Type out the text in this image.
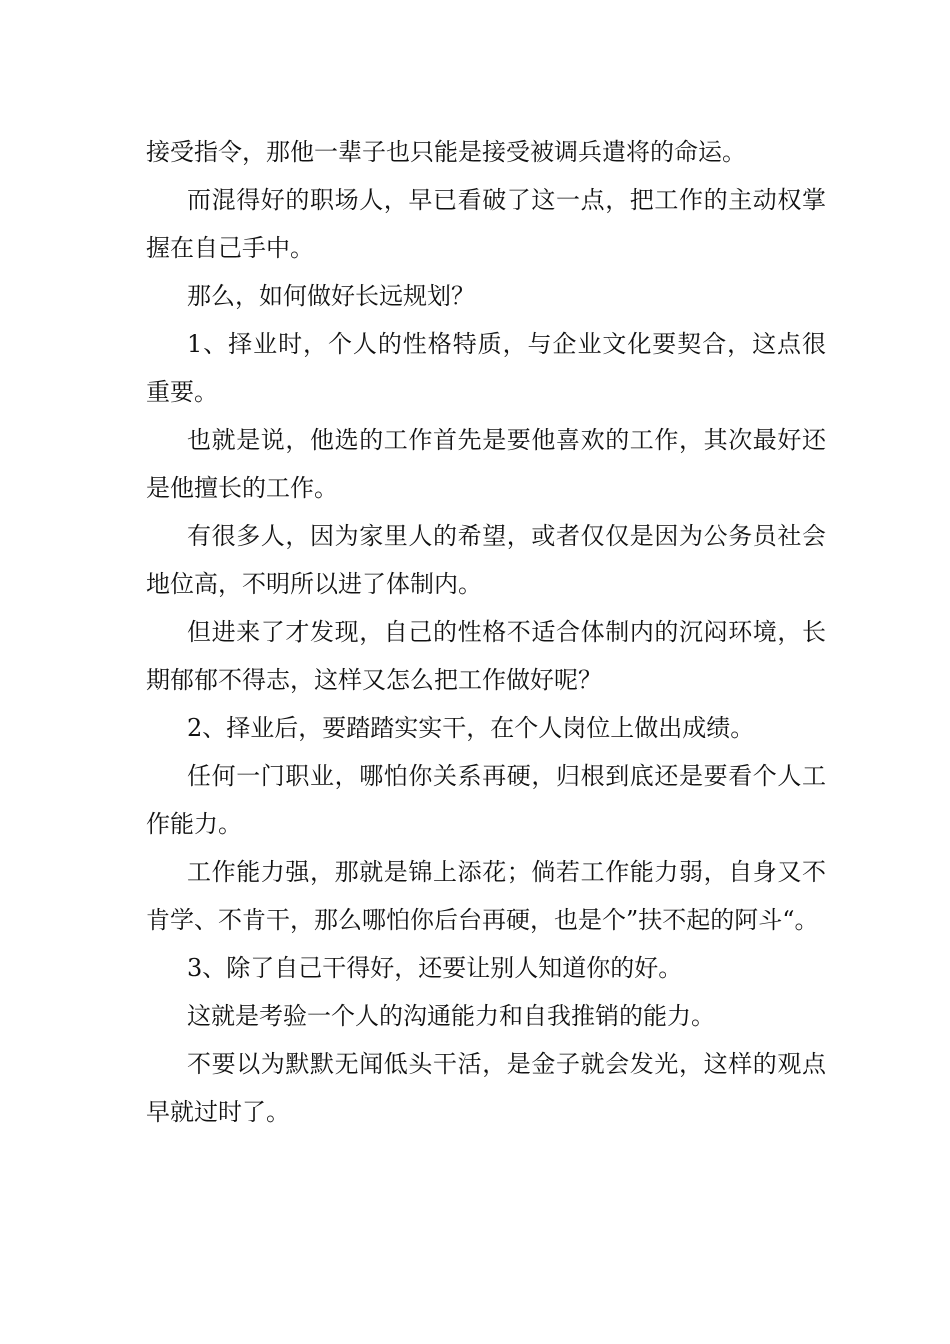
接受指令，那他一辈子也只能是接受被调兵遣将的命运。

而混得好的职场人，早已看破了这一点，把工作的主动权掌握在自己手中。

那么，如何做好长远规划？

1、择业时，个人的性格特质，与企业文化要契合，这点很重要。

也就是说，他选的工作首先是要他喜欢的工作，其次最好还是他擅长的工作。

有很多人，因为家里人的希望，或者仅仅是因为公务员社会地位高，不明所以进了体制内。

但进来了才发现，自己的性格不适合体制内的沉闷环境，长期郁郁不得志，这样又怎么把工作做好呢？

2、择业后，要踏踏实实干，在个人岗位上做出成绩。

任何一门职业，哪怕你关系再硬，归根到底还是要看个人工作能力。

工作能力强，那就是锦上添花；倘若工作能力弱，自身又不肯学、不肯干，那么哪怕你后台再硬，也是个”扶不起的阿斗“。

3、除了自己干得好，还要让别人知道你的好。

这就是考验一个人的沟通能力和自我推销的能力。

不要以为默默无闻低头干活，是金子就会发光，这样的观点早就过时了。
